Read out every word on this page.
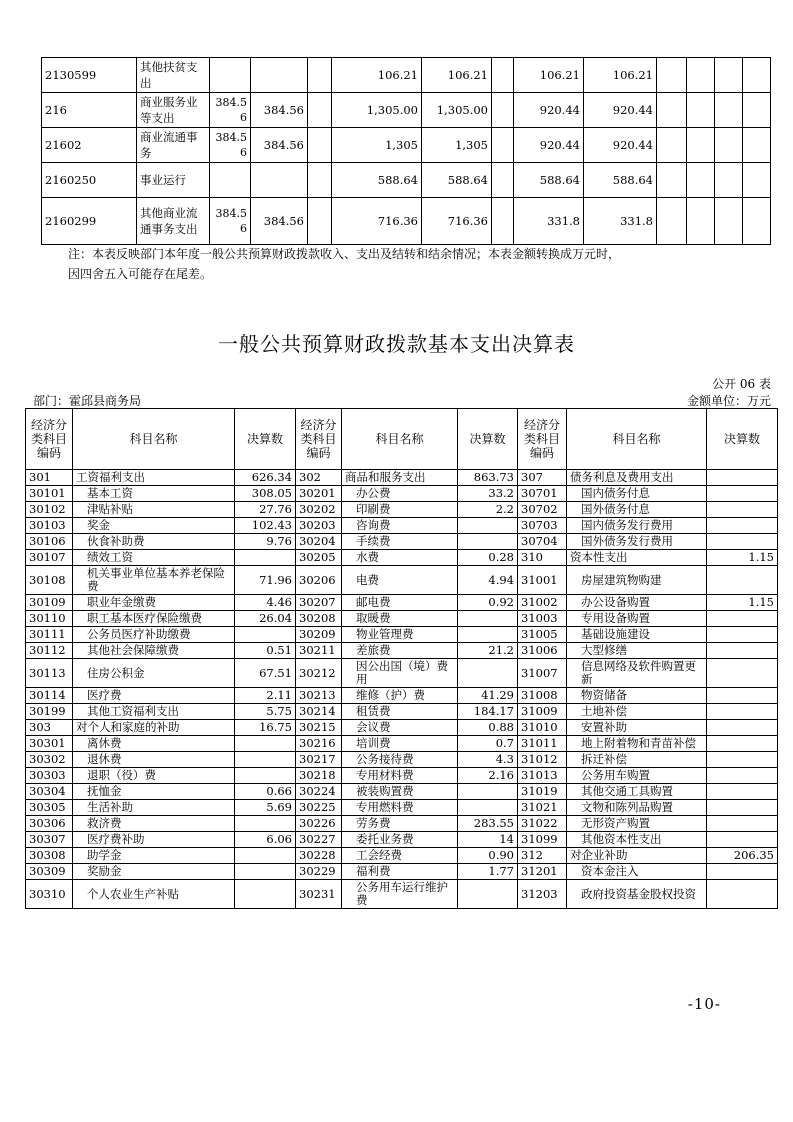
2130599	其他扶贫支出				106.21	106.21		106.21	106.21				
216	商业服务业等支出	384.56	384.56		1,305.00	1,305.00		920.44	920.44				
21602	商业流通事务	384.56	384.56		1,305	1,305		920.44	920.44				
2160250	事业运行				588.64	588.64		588.64	588.64				
2160299	其他商业流通事务支出	384.56	384.56		716.36	716.36		331.8	331.8				
注：本表反映部门本年度一般公共预算财政拨款收入、支出及结转和结余情况；本表金额转换成万元时，
因四舍五入可能存在尾差。
一般公共预算财政拨款基本支出决算表
公开 06 表
部门：霍邱县商务局	金额单位：万元
经济分类科目编码	科目名称	决算数	经济分类科目编码	科目名称	决算数	经济分类科目编码	科目名称	决算数
301	工资福利支出	626.34	302	商品和服务支出	863.73	307	债务利息及费用支出	
30101	基本工资	308.05	30201	办公费	33.2	30701	国内债务付息	
30102	津贴补贴	27.76	30202	印刷费	2.2	30702	国外债务付息	
30103	奖金	102.43	30203	咨询费		30703	国内债务发行费用	
30106	伙食补助费	9.76	30204	手续费		30704	国外债务发行费用	
30107	绩效工资		30205	水费	0.28	310	资本性支出	1.15
30108	机关事业单位基本养老保险费	71.96	30206	电费	4.94	31001	房屋建筑物购建	
30109	职业年金缴费	4.46	30207	邮电费	0.92	31002	办公设备购置	1.15
30110	职工基本医疗保险缴费	26.04	30208	取暖费		31003	专用设备购置	
30111	公务员医疗补助缴费		30209	物业管理费		31005	基础设施建设	
30112	其他社会保障缴费	0.51	30211	差旅费	21.2	31006	大型修缮	
30113	住房公积金	67.51	30212	因公出国（境）费用		31007	信息网络及软件购置更新	
30114	医疗费	2.11	30213	维修（护）费	41.29	31008	物资储备	
30199	其他工资福利支出	5.75	30214	租赁费	184.17	31009	土地补偿	
303	对个人和家庭的补助	16.75	30215	会议费	0.88	31010	安置补助	
30301	离休费		30216	培训费	0.7	31011	地上附着物和青苗补偿	
30302	退休费		30217	公务接待费	4.3	31012	拆迁补偿	
30303	退职（役）费		30218	专用材料费	2.16	31013	公务用车购置	
30304	抚恤金	0.66	30224	被装购置费		31019	其他交通工具购置	
30305	生活补助	5.69	30225	专用燃料费		31021	文物和陈列品购置	
30306	救济费		30226	劳务费	283.55	31022	无形资产购置	
30307	医疗费补助	6.06	30227	委托业务费	14	31099	其他资本性支出	
30308	助学金		30228	工会经费	0.90	312	对企业补助	206.35
30309	奖励金		30229	福利费	1.77	31201	资本金注入	
30310	个人农业生产补贴		30231	公务用车运行维护费		31203	政府投资基金股权投资	
-10-
